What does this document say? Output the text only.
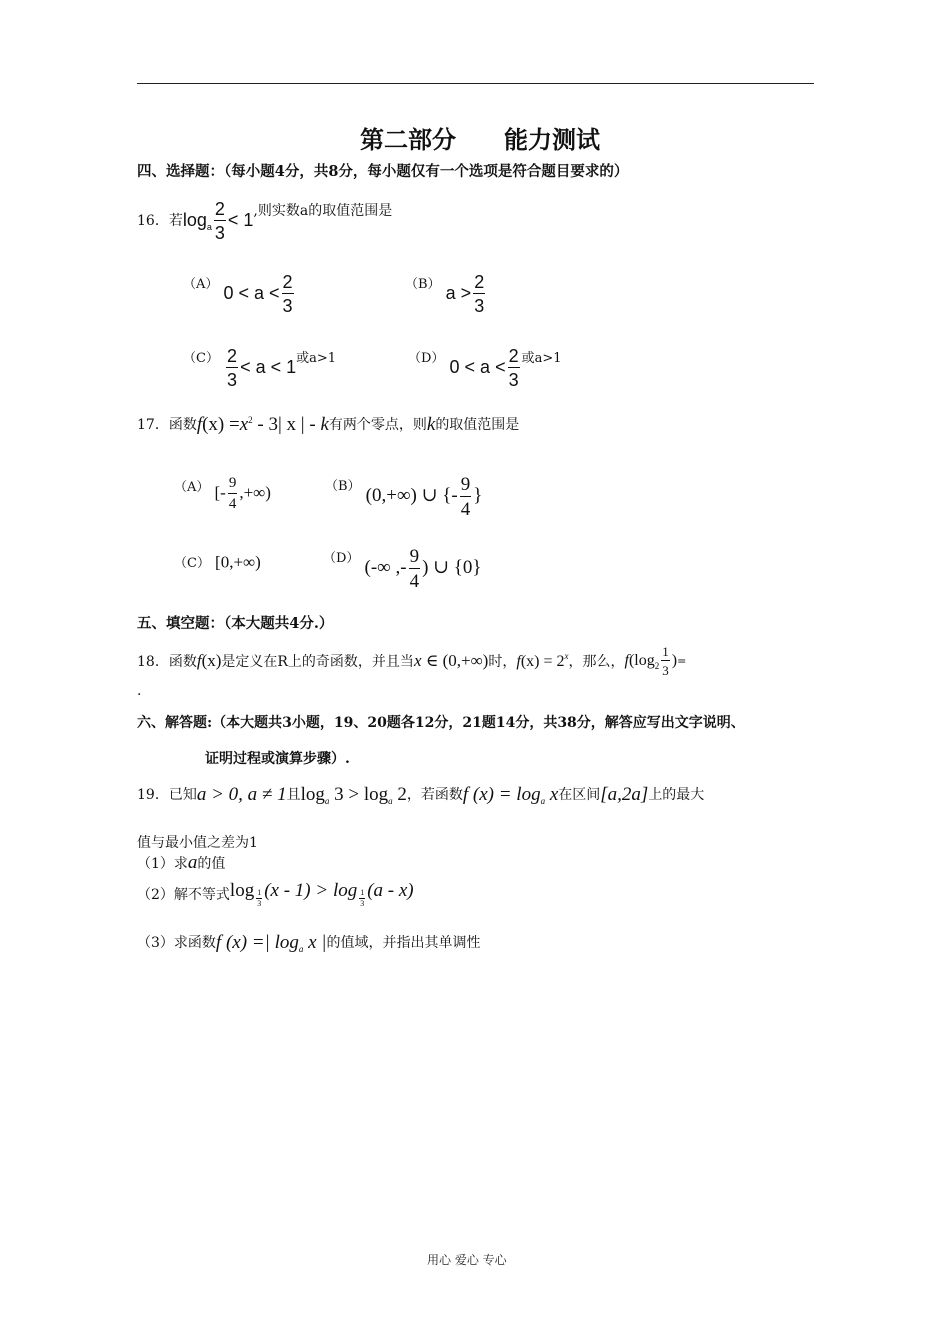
第二部分　　能力测试
四、选择题：（每小题4分，共8分，每小题仅有一个选项是符合题目要求的）
16．若$\log_a \frac{2}{3} < 1$,则实数a的取值范围是
$^{(A)}$ $0 < a < \frac{2}{3}$	$^{(B)}$ $a > \frac{2}{3}$
$^{(C)} \frac{2}{3} < a < 1^{或a>1}$	$^{(D)}$ $0 < a < \frac{2}{3} ^{或a>1}$
17．函数$f(x) =x^2 - 3|$ x | - k有两个零点，则k的取值范围是
$^{(A)}$ [- $\frac{9}{4}$ ,+∞)	$^{(B)}$ (0,+∞) ∪ {- $\frac{9}{4}$ }
$^{(C)}$ [0,+∞)	$^{(D)}$ (-∞ ,- $\frac{9}{4}$ ) ∪ {0}
五、填空题：（本大题共4分.）
18．函数f(x)是定义在R上的奇函数，并且当x ∈ (0,+∞)时，$f(x) = 2^x$，那么，$f(\log_2 \frac{1}{3}$ )=
.
六、解答题:（本大题共3小题，19、20题各12分，21题14分，共38分，解答应写出文字说明、
证明过程或演算步骤）.
19．已知a > 0, a ≠ 1且$\log_a 3 > \log_a 2$，若函数f $(x) = \log_a x$在区间[a,2a]上的最大
值与最小值之差为1
（1）求a的值
（2）解不等式$\log \frac{1}{3} (x - 1) > \log \frac{1}{3} (a - x)$
（3）求函数f (x) =| $\log_a x$ |的值域，并指出其单调性
用心 爱心 专心
